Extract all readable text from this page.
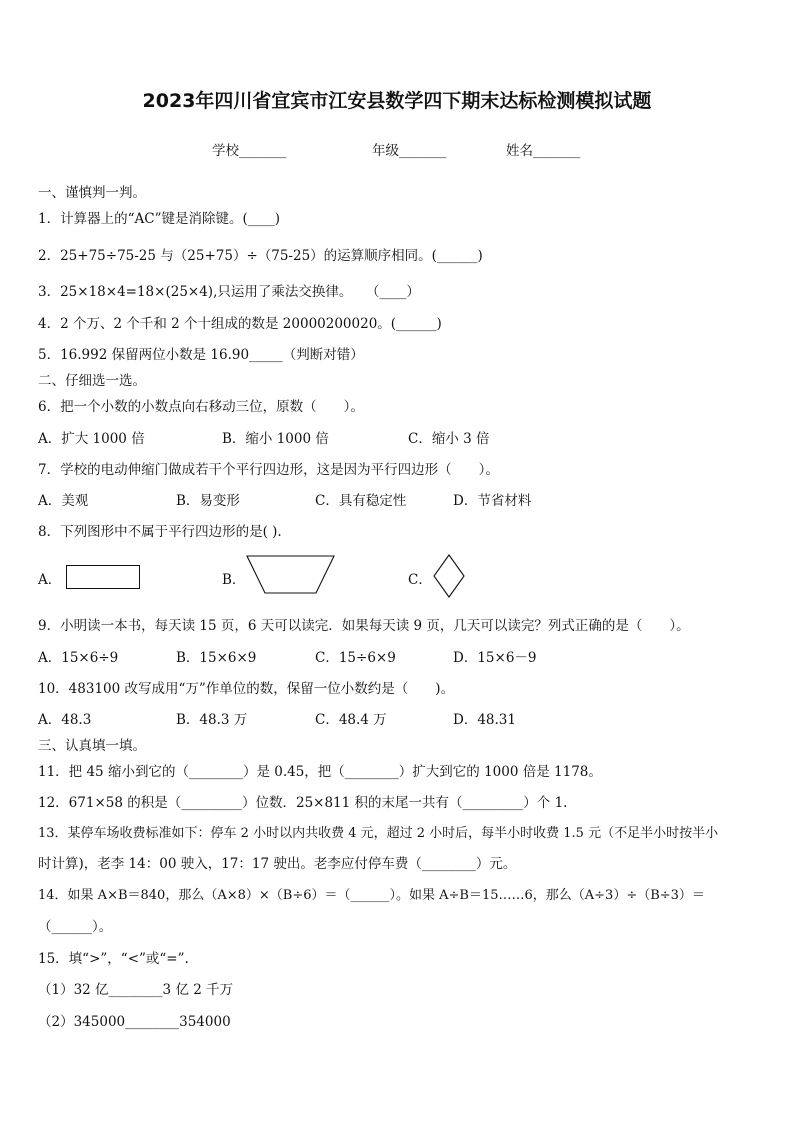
2023年四川省宜宾市江安县数学四下期末达标检测模拟试题
学校_______	年级_______	姓名_______
一、谨慎判一判。
1．计算器上的“AC”键是消除键。(____)
2．25+75÷75-25 与（25+75）÷（75-25）的运算顺序相同。(______)
3．25×18×4=18×(25×4),只运用了乘法交换律。　　（____）
4．2 个万、2 个千和 2 个十组成的数是 20000200020。(______)
5．16.992 保留两位小数是 16.90_____（判断对错）
二、仔细选一选。
6．把一个小数的小数点向右移动三位，原数（　　）。
A．扩大 1000 倍	B．缩小 1000 倍	C．缩小 3 倍
7．学校的电动伸缩门做成若干个平行四边形，这是因为平行四边形（　　）。
A．美观	B．易变形	C．具有稳定性	D．节省材料
8．下列图形中不属于平行四边形的是( ).
A．	B．	C．
9．小明读一本书，每天读 15 页，6 天可以读完．如果每天读 9 页，几天可以读完？列式正确的是（　　）。
A．15×6÷9	B．15×6×9	C．15÷6×9	D．15×6－9
10．483100 改写成用“万”作单位的数，保留一位小数约是（　　)。
A．48.3	B．48.3 万	C．48.4 万	D．48.31
三、认真填一填。
11．把 45 缩小到它的（________）是 0.45，把（________）扩大到它的 1000 倍是 1178。
12．671×58 的积是（_________）位数．25×811 积的末尾一共有（_________）个 1.
13．某停车场收费标准如下：停车 2 小时以内共收费 4 元，超过 2 小时后，每半小时收费 1.5 元（不足半小时按半小
时计算)，老李 14：00 驶入，17：17 驶出。老李应付停车费（________）元。
14．如果 A×B＝840，那么（A×8）×（B÷6）＝（______）。如果 A÷B＝15……6，那么（A÷3）÷（B÷3）＝
（______）。
15．填“>”，“<”或“=”.
（1）32 亿________3 亿 2 千万
（2）345000________354000
